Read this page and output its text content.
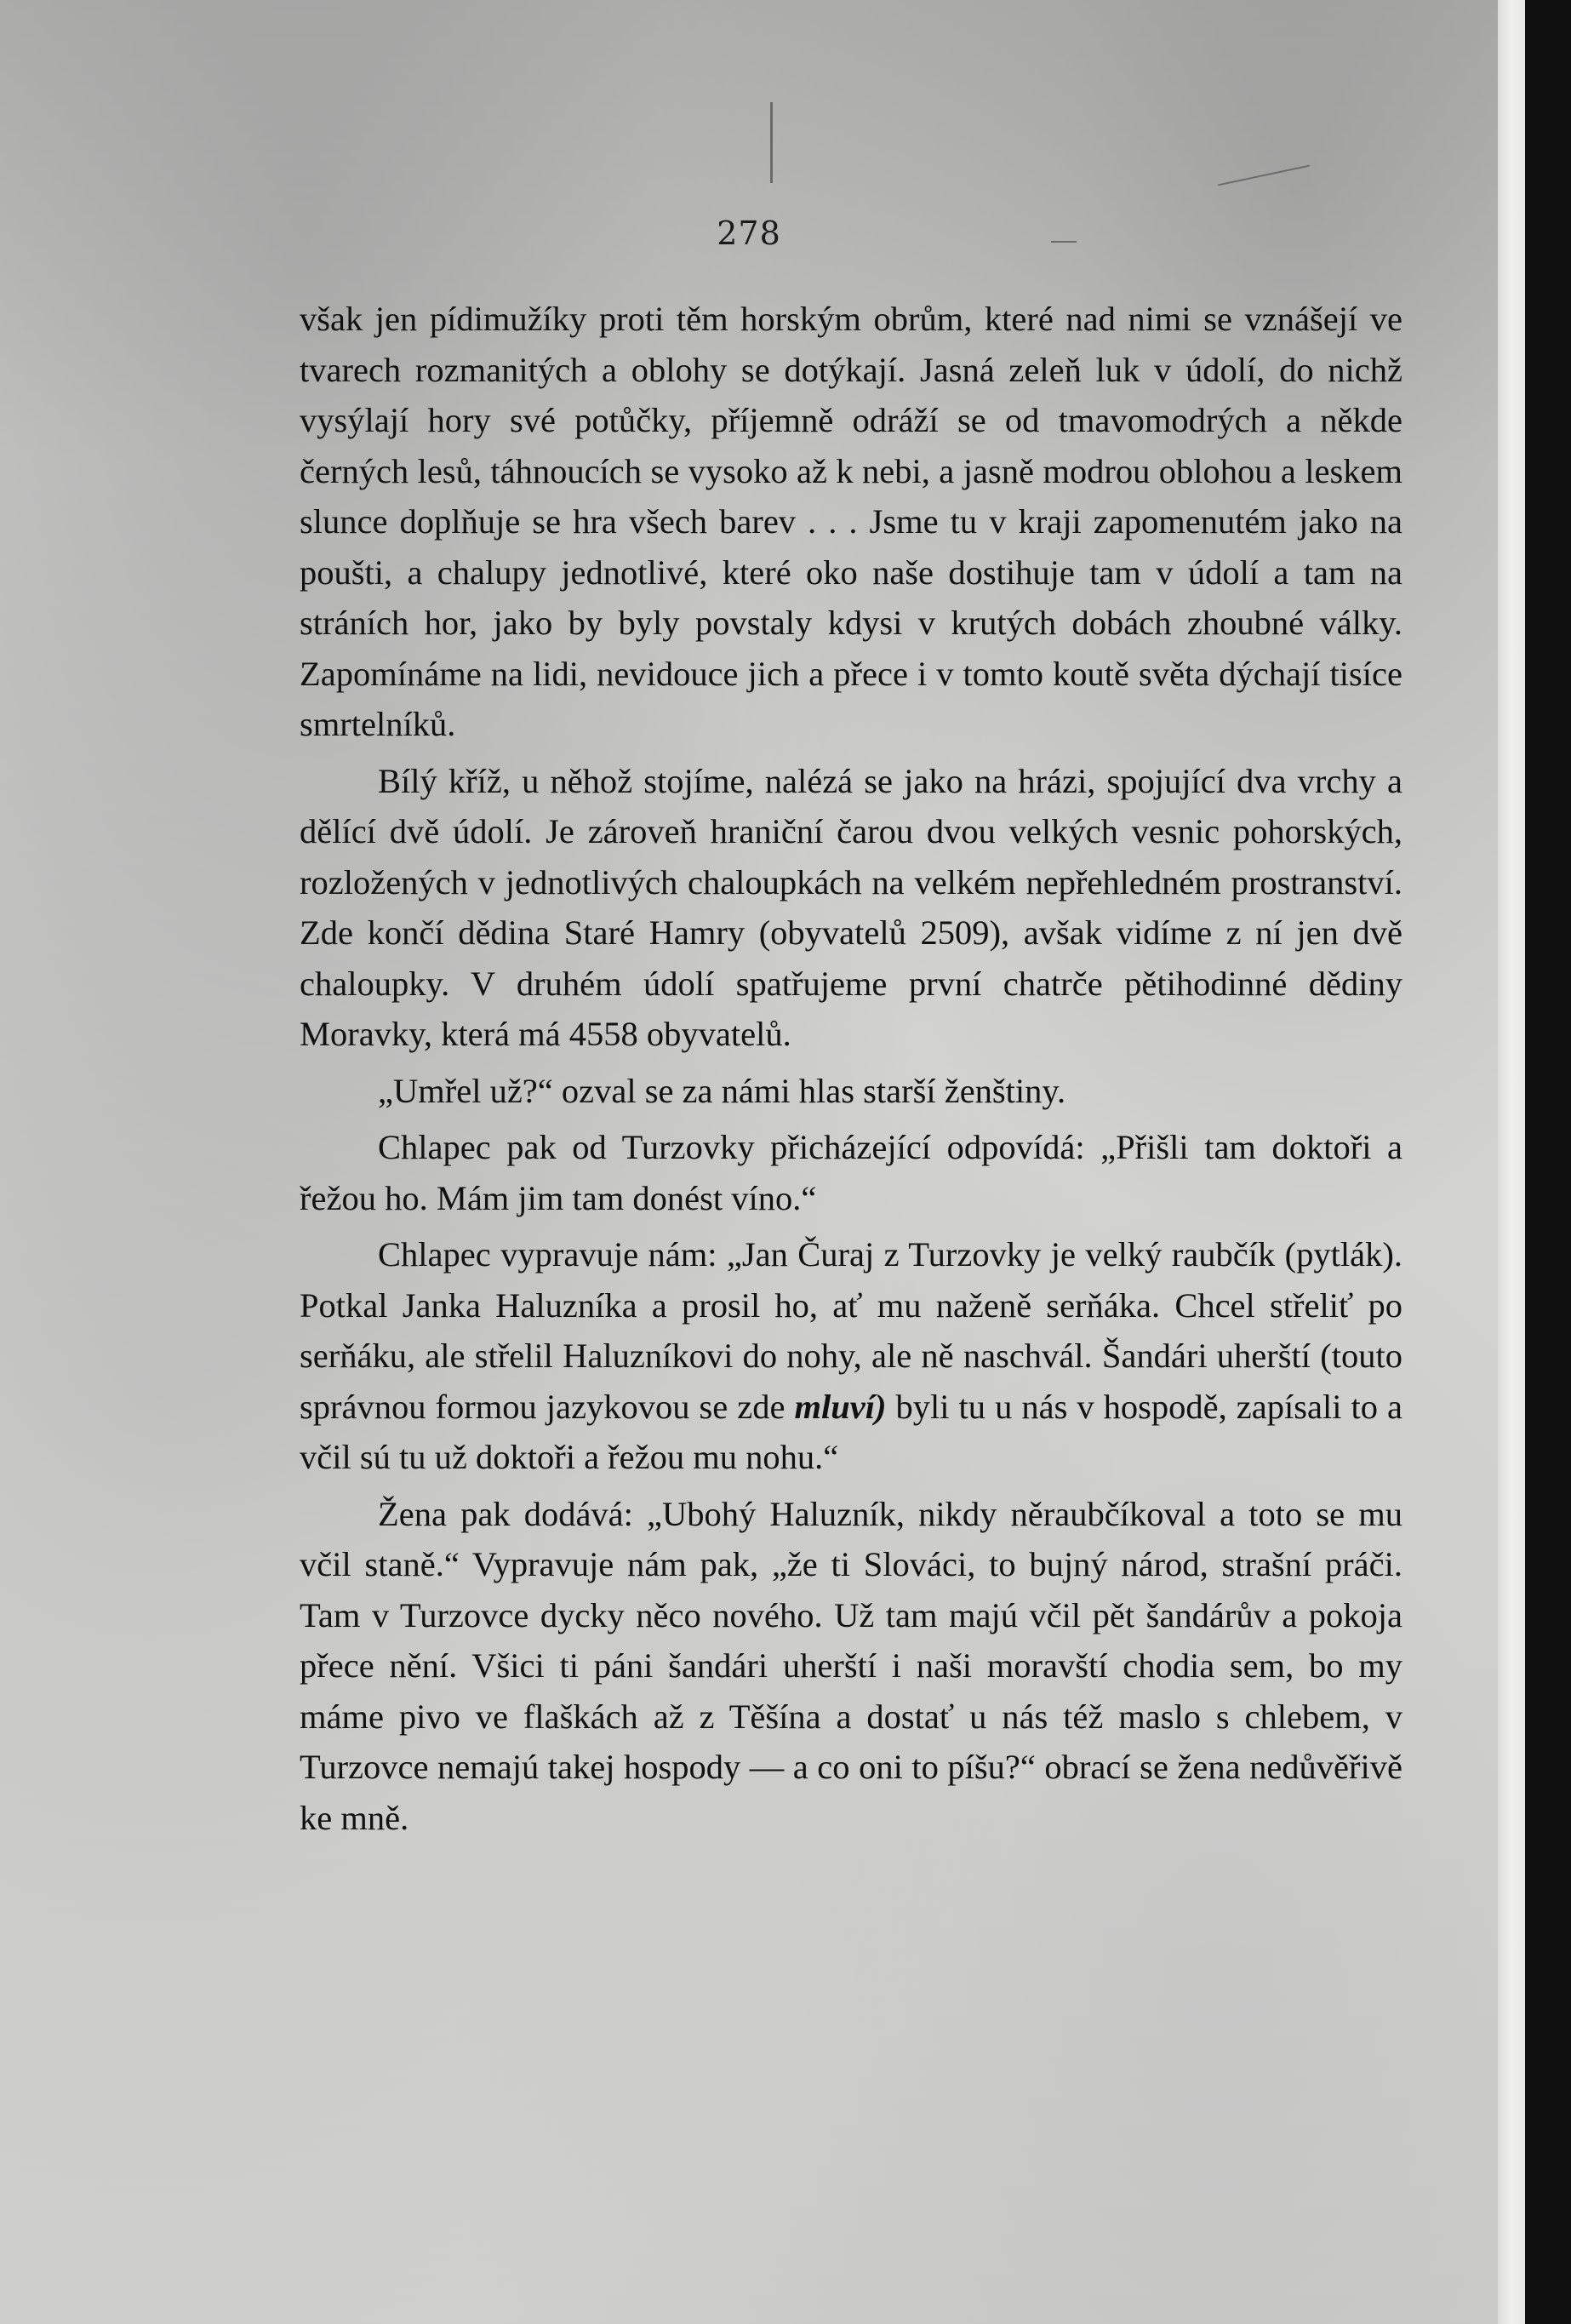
278

však jen pídimužíky proti těm horským obrům, které nad nimi se vznášejí ve tvarech rozmanitých a oblohy se dotýkají. Jasná zeleň luk v údolí, do nichž vysýlají hory své potůčky, příjemně odráží se od tmavomodrých a někde černých lesů, táhnoucích se vysoko až k nebi, a jasně modrou oblohou a leskem slunce doplňuje se hra všech barev . . . Jsme tu v kraji zapomenutém jako na poušti, a chalupy jednotlivé, které oko naše dostihuje tam v údolí a tam na stráních hor, jako by byly povstaly kdysi v krutých dobách zhoubné války. Zapomínáme na lidi, nevidouce jich a přece i v tomto koutě světa dýchají tisíce smrtelníků.

Bílý kříž, u něhož stojíme, nalézá se jako na hrázi, spojující dva vrchy a dělící dvě údolí. Je zároveň hraniční čarou dvou velkých vesnic pohorských, rozložených v jednotlivých chaloupkách na velkém nepřehledném prostranství. Zde končí dědina Staré Hamry (obyvatelů 2509), avšak vidíme z ní jen dvě chaloupky. V druhém údolí spatřujeme první chatrče pětihodinné dědiny Moravky, která má 4558 obyvatelů.

„Umřel už?“ ozval se za námi hlas starší ženštiny.

Chlapec pak od Turzovky přicházející odpovídá: „Přišli tam doktoři a řežou ho. Mám jim tam donést víno.“

Chlapec vypravuje nám: „Jan Čuraj z Turzovky je velký raubčík (pytlák). Potkal Janka Haluzníka a prosil ho, ať mu naženě serňáka. Chcel střeliť po serňáku, ale střelil Haluzníkovi do nohy, ale ně naschvál. Šandári uherští (touto správnou formou jazykovou se zde mluví) byli tu u nás v hospodě, zapísali to a včil sú tu už doktoři a řežou mu nohu.“

Žena pak dodává: „Ubohý Haluzník, nikdy něraubčíkoval a toto se mu včil staně.“ Vypravuje nám pak, „že ti Slováci, to bujný národ, strašní práči. Tam v Turzovce dycky něco nového. Už tam majú včil pět šandárův a pokoja přece nění. Všici ti páni šandári uherští i naši moravští chodia sem, bo my máme pivo ve flaškách až z Těšína a dostať u nás též maslo s chlebem, v Turzovce nemajú takej hospody — a co oni to píšu?“ obrací se žena nedůvěřivě ke mně.
